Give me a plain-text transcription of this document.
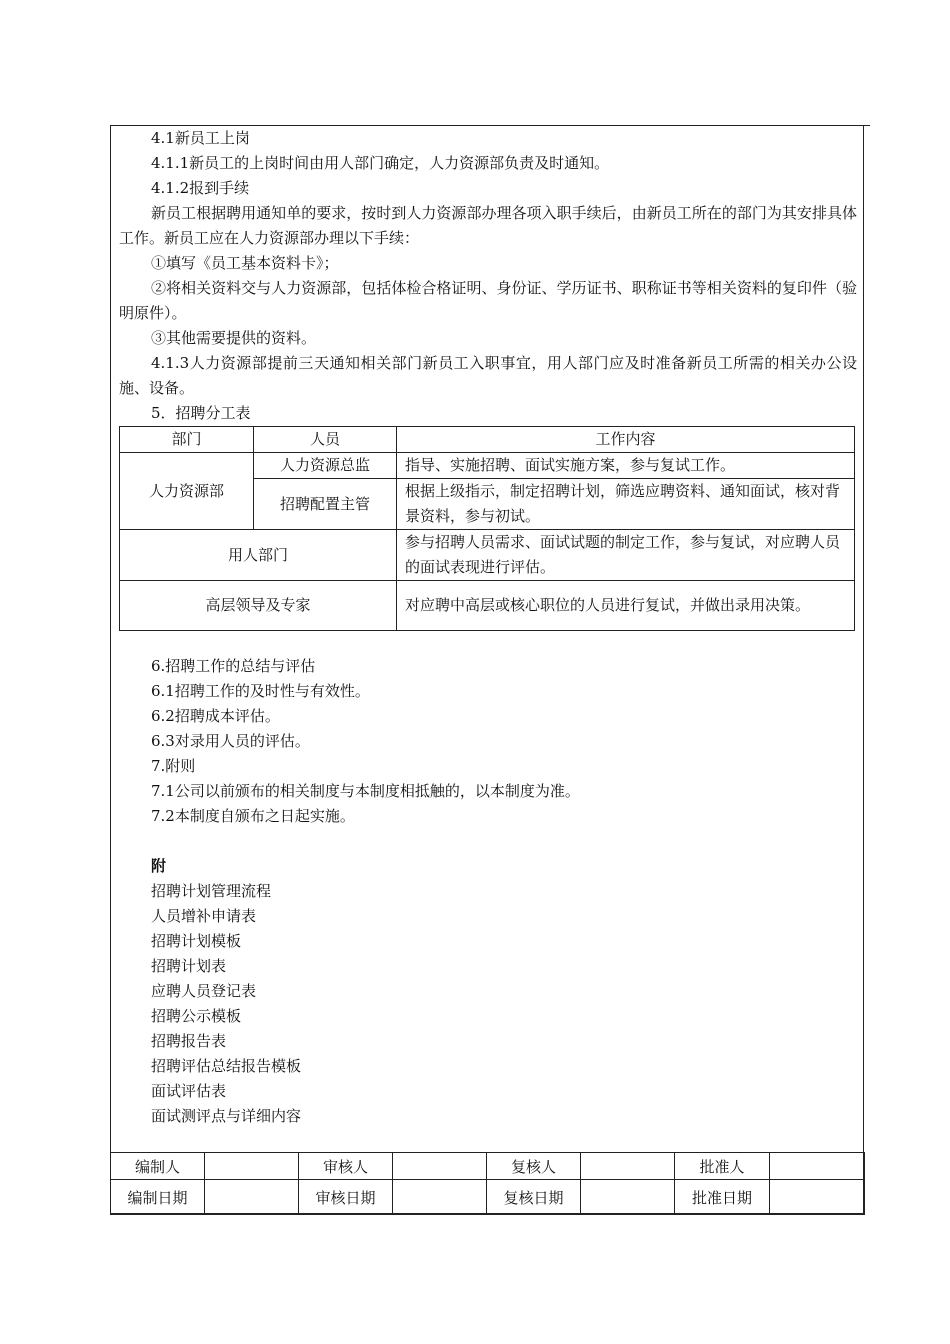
4.1新员工上岗
4.1.1新员工的上岗时间由用人部门确定，人力资源部负责及时通知。
4.1.2报到手续
新员工根据聘用通知单的要求，按时到人力资源部办理各项入职手续后，由新员工所在的部门为其安排具体工作。新员工应在人力资源部办理以下手续：
①填写《员工基本资料卡》；
②将相关资料交与人力资源部，包括体检合格证明、身份证、学历证书、职称证书等相关资料的复印件（验明原件）。
③其他需要提供的资料。
4.1.3人力资源部提前三天通知相关部门新员工入职事宜，用人部门应及时准备新员工所需的相关办公设施、设备。
5．招聘分工表
部门	人员	工作内容
人力资源部	人力资源总监	指导、实施招聘、面试实施方案，参与复试工作。
	招聘配置主管	根据上级指示，制定招聘计划，筛选应聘资料、通知面试，核对背景资料，参与初试。
用人部门		参与招聘人员需求、面试试题的制定工作，参与复试，对应聘人员的面试表现进行评估。
高层领导及专家		对应聘中高层或核心职位的人员进行复试，并做出录用决策。
6.招聘工作的总结与评估
6.1招聘工作的及时性与有效性。
6.2招聘成本评估。
6.3对录用人员的评估。
7.附则
7.1公司以前颁布的相关制度与本制度相抵触的，以本制度为准。
7.2本制度自颁布之日起实施。
附
招聘计划管理流程
人员增补申请表
招聘计划模板
招聘计划表
应聘人员登记表
招聘公示模板
招聘报告表
招聘评估总结报告模板
面试评估表
面试测评点与详细内容
编制人		审核人		复核人		批准人	
编制日期		审核日期		复核日期		批准日期	
